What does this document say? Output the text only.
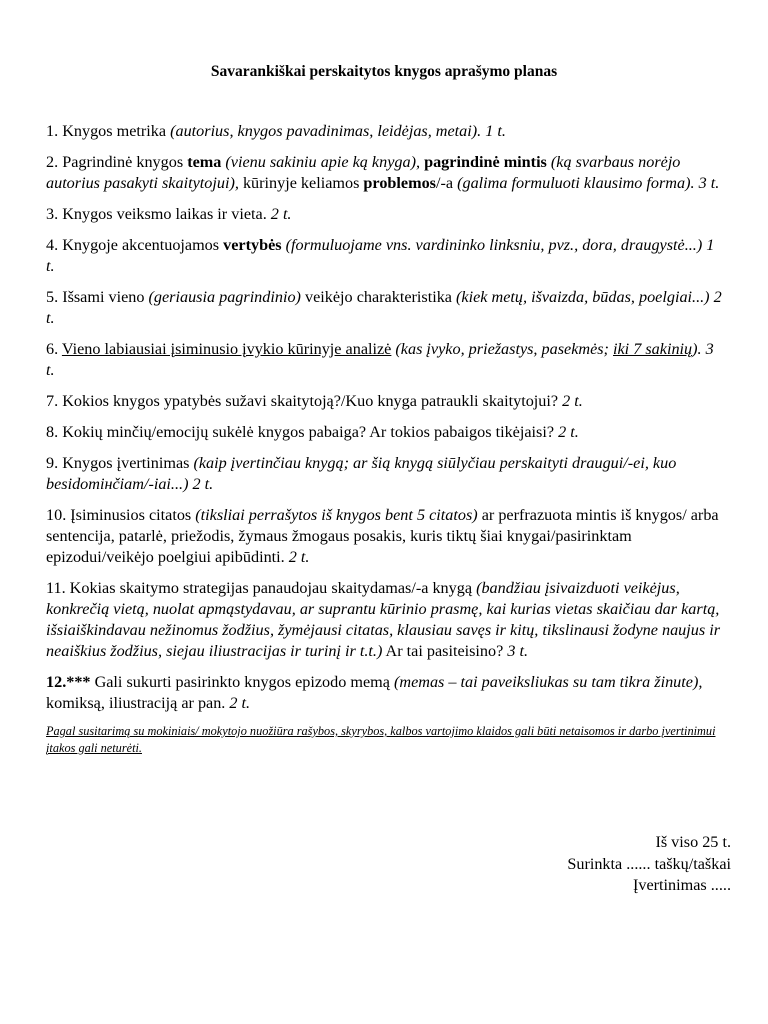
Savarankiškai perskaitytos knygos aprašymo planas

1. Knygos metrika (autorius, knygos pavadinimas, leidėjas, metai). 1 t.

2. Pagrindinė knygos tema (vienu sakiniu apie ką knyga), pagrindinė mintis (ką svarbaus norėjo autorius pasakyti skaitytojui), kūrinyje keliamos problemos/-a (galima formuluoti klausimo forma). 3 t.

3. Knygos veiksmo laikas ir vieta. 2 t.

4. Knygoje akcentuojamos vertybės (formuluojame vns. vardininko linksniu, pvz., dora, draugystė...) 1 t.

5. Išsami vieno (geriausia pagrindinio) veikėjo charakteristika (kiek metų, išvaizda, būdas, poelgiai...) 2 t.

6. Vieno labiausiai įsiminusio įvykio kūrinyje analizė (kas įvyko, priežastys, pasekmės; iki 7 sakinių). 3 t.

7. Kokios knygos ypatybės sužavi skaitytoją?/Kuo knyga patraukli skaitytojui? 2 t.

8. Kokių minčių/emocijų sukėlė knygos pabaiga? Ar tokios pabaigos tikėjaisi? 2 t.

9. Knygos įvertinimas (kaip įvertinčiau knygą; ar šią knygą siūlyčiau perskaityti draugui/-ei, kuo besidomінčiam/-iai...) 2 t.

10. Įsiminusios citatos (tiksliai perrašytos iš knygos bent 5 citatos) ar perfrazuota mintis iš knygos/ arba sentencija, patarlė, priežodis, žymaus žmogaus posakis, kuris tiktų šiai knygai/pasirinktam epizodui/veikėjo poelgiui apibūdinti. 2 t.

11. Kokias skaitymo strategijas panaudojau skaitydamas/-a knygą (bandžiau įsivaizduoti veikėjus, konkrečią vietą, nuolat apmąstydavau, ar suprantu kūrinio prasmę, kai kurias vietas skaičiau dar kartą, išsiaiškindavau nežinomus žodžius, žymėjausi citatas, klausiau savęs ir kitų, tikslinausi žodyne naujus ir neaiškius žodžius, siejau iliustracijas ir turinį ir t.t.) Ar tai pasiteisino? 3 t.

12.*** Gali sukurti pasirinkto knygos epizodo memą (memas – tai paveiksliukas su tam tikra žinute), komiksą, iliustraciją ar pan. 2 t.

Pagal susitarimą su mokiniais/ mokytojo nuožiūra rašybos, skyrybos, kalbos vartojimo klaidos gali būti netaisomos ir darbo įvertinimui įtakos gali neturėti.

Iš viso 25 t.
Surinkta ...... taškų/taškai
Įvertinimas .....
